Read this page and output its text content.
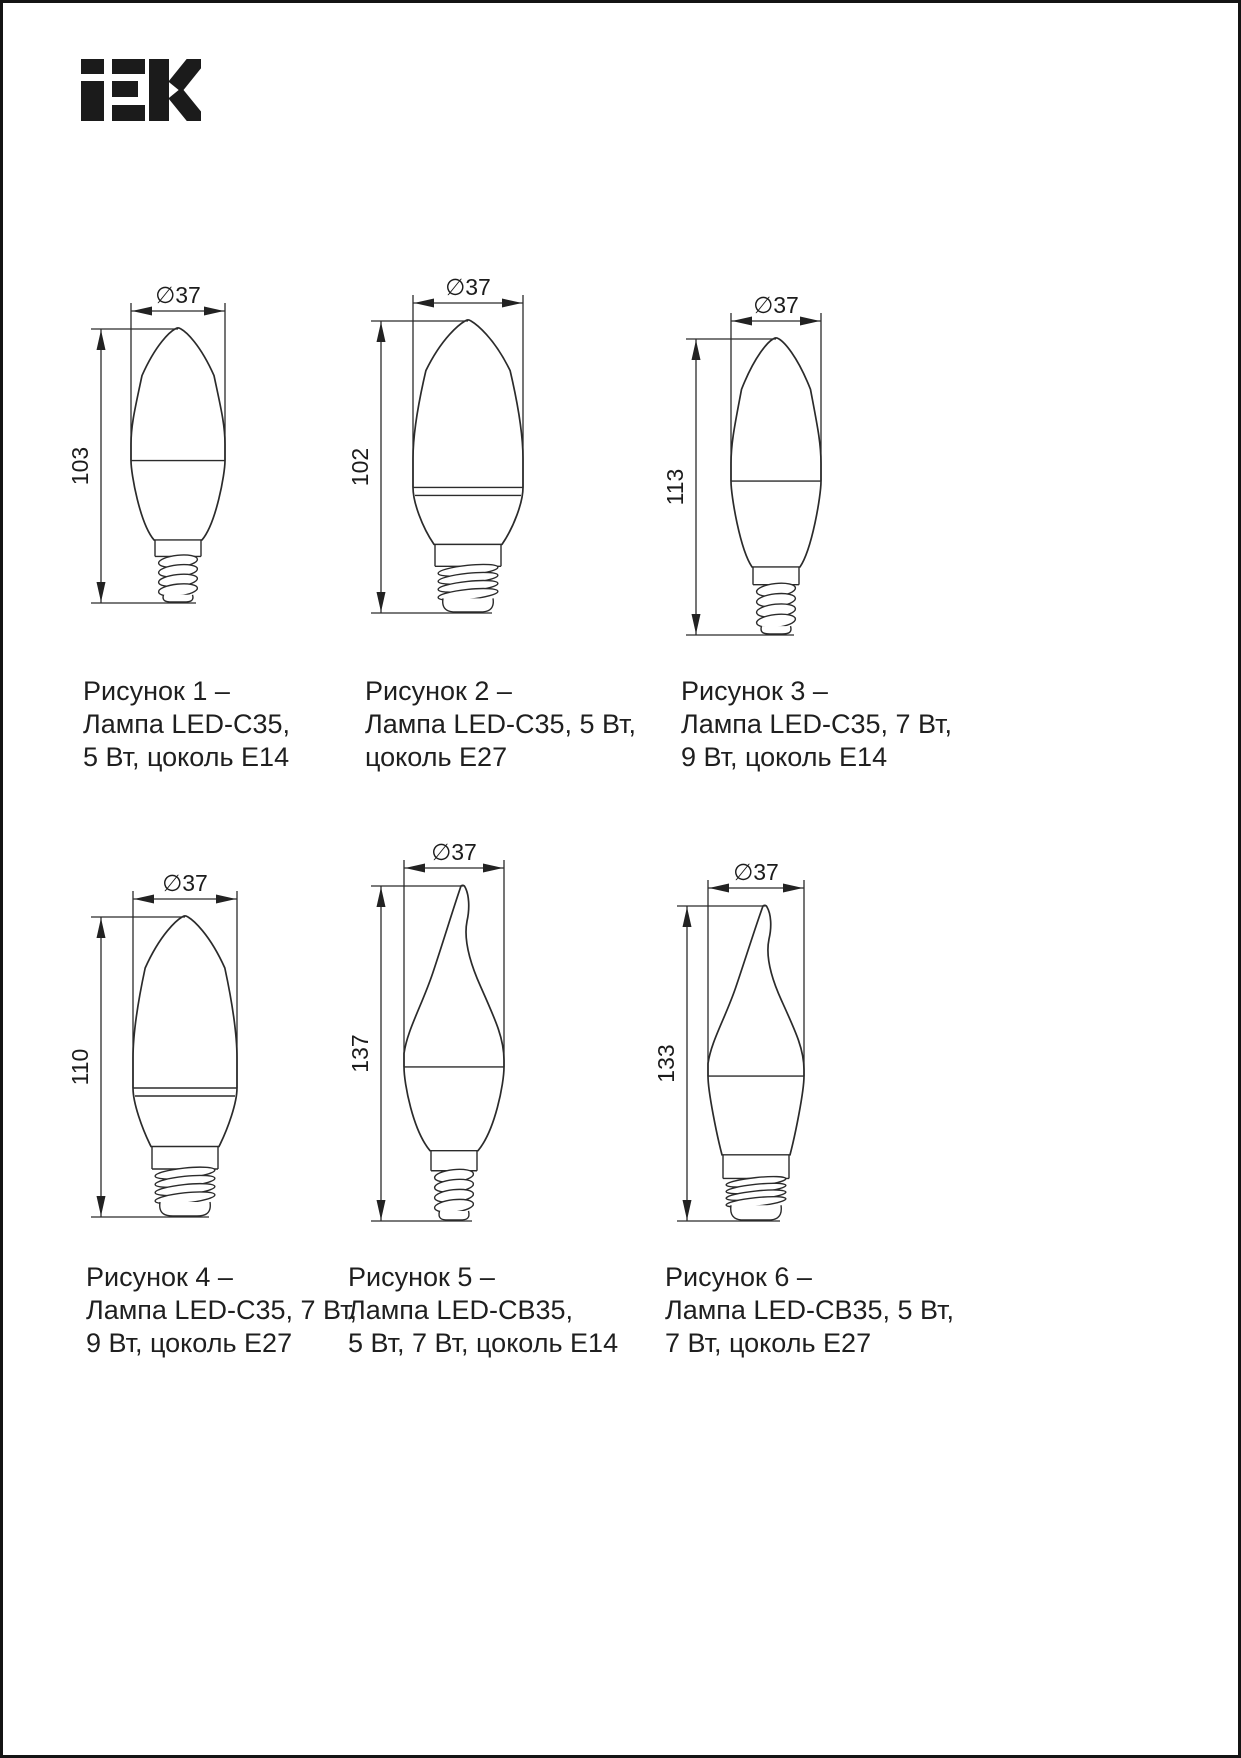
∅37
103
Рисунок 1 –
Лампа LED-C35,
5 Вт, цоколь Е14
∅37
102
Рисунок 2 –
Лампа LED-C35, 5 Вт,
цоколь Е27
∅37
113
Рисунок 3 –
Лампа LED-C35, 7 Вт,
9 Вт, цоколь Е14
∅37
110
Рисунок 4 –
Лампа LED-C35, 7 Вт,
9 Вт, цоколь Е27
∅37
137
Рисунок 5 –
Лампа LED-CB35,
5 Вт, 7 Вт, цоколь Е14
∅37
133
Рисунок 6 –
Лампа LED-CB35, 5 Вт,
7 Вт, цоколь Е27
